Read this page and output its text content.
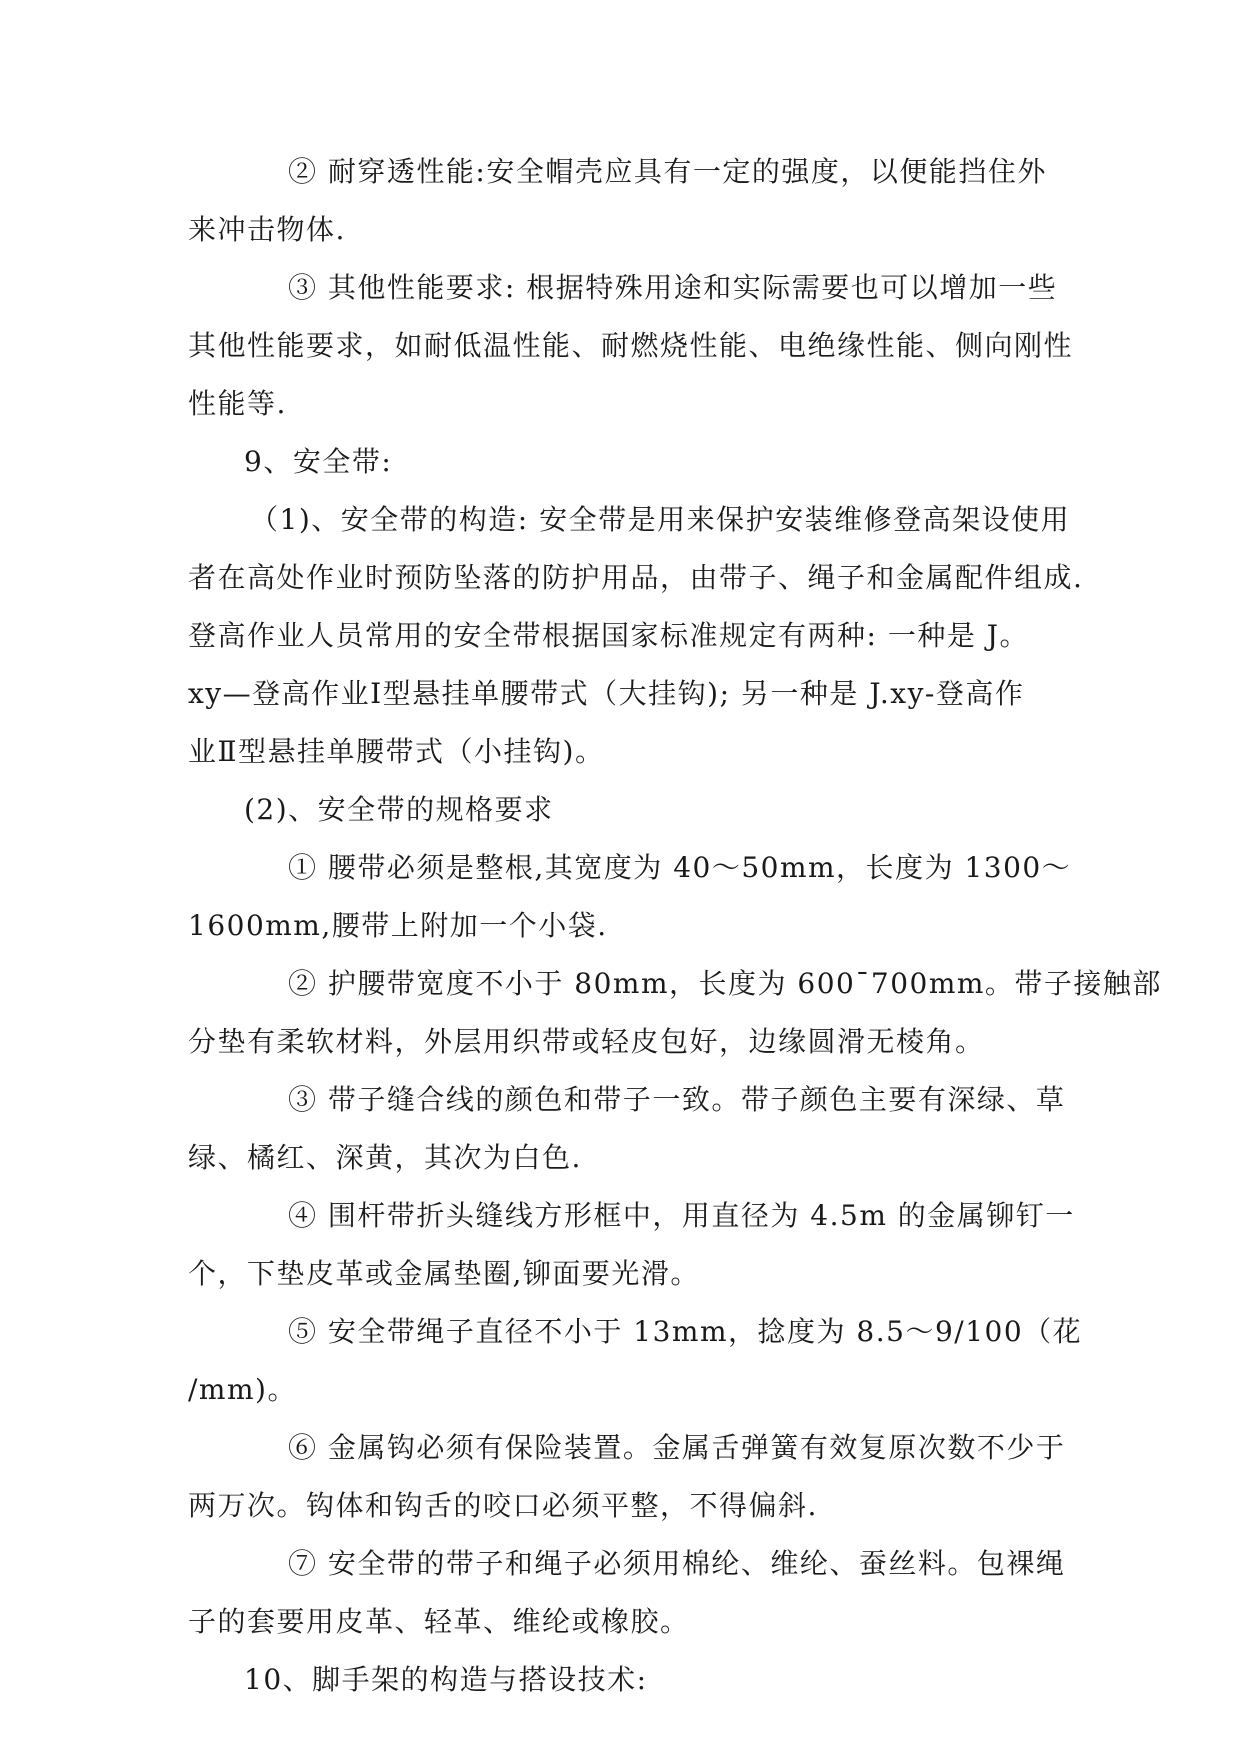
② 耐穿透性能:安全帽壳应具有一定的强度，以便能挡住外
来冲击物体.
③ 其他性能要求: 根据特殊用途和实际需要也可以增加一些
其他性能要求，如耐低温性能、耐燃烧性能、电绝缘性能、侧向刚性
性能等.
9、安全带:
（1)、安全带的构造: 安全带是用来保护安装维修登高架设使用
者在高处作业时预防坠落的防护用品，由带子、绳子和金属配件组成.
登高作业人员常用的安全带根据国家标准规定有两种: 一种是 J。
xy—登高作业Ⅰ型悬挂单腰带式（大挂钩); 另一种是 J.xy-登高作
业Ⅱ型悬挂单腰带式（小挂钩)。
(2)、安全带的规格要求
① 腰带必须是整根,其宽度为 40～50mm，长度为 1300～
1600mm,腰带上附加一个小袋.
② 护腰带宽度不小于 80mm，长度为 600¯700mm。带子接触部
分垫有柔软材料，外层用织带或轻皮包好，边缘圆滑无棱角。
③ 带子缝合线的颜色和带子一致。带子颜色主要有深绿、草
绿、橘红、深黄，其次为白色.
④ 围杆带折头缝线方形框中，用直径为 4.5m 的金属铆钉一
个，下垫皮革或金属垫圈,铆面要光滑。
⑤ 安全带绳子直径不小于 13mm，捻度为 8.5～9/100（花
/mm)。
⑥ 金属钩必须有保险装置。金属舌弹簧有效复原次数不少于
两万次。钩体和钩舌的咬口必须平整，不得偏斜.
⑦ 安全带的带子和绳子必须用棉纶、维纶、蚕丝料。包裸绳
子的套要用皮革、轻革、维纶或橡胶。
10、脚手架的构造与搭设技术:
